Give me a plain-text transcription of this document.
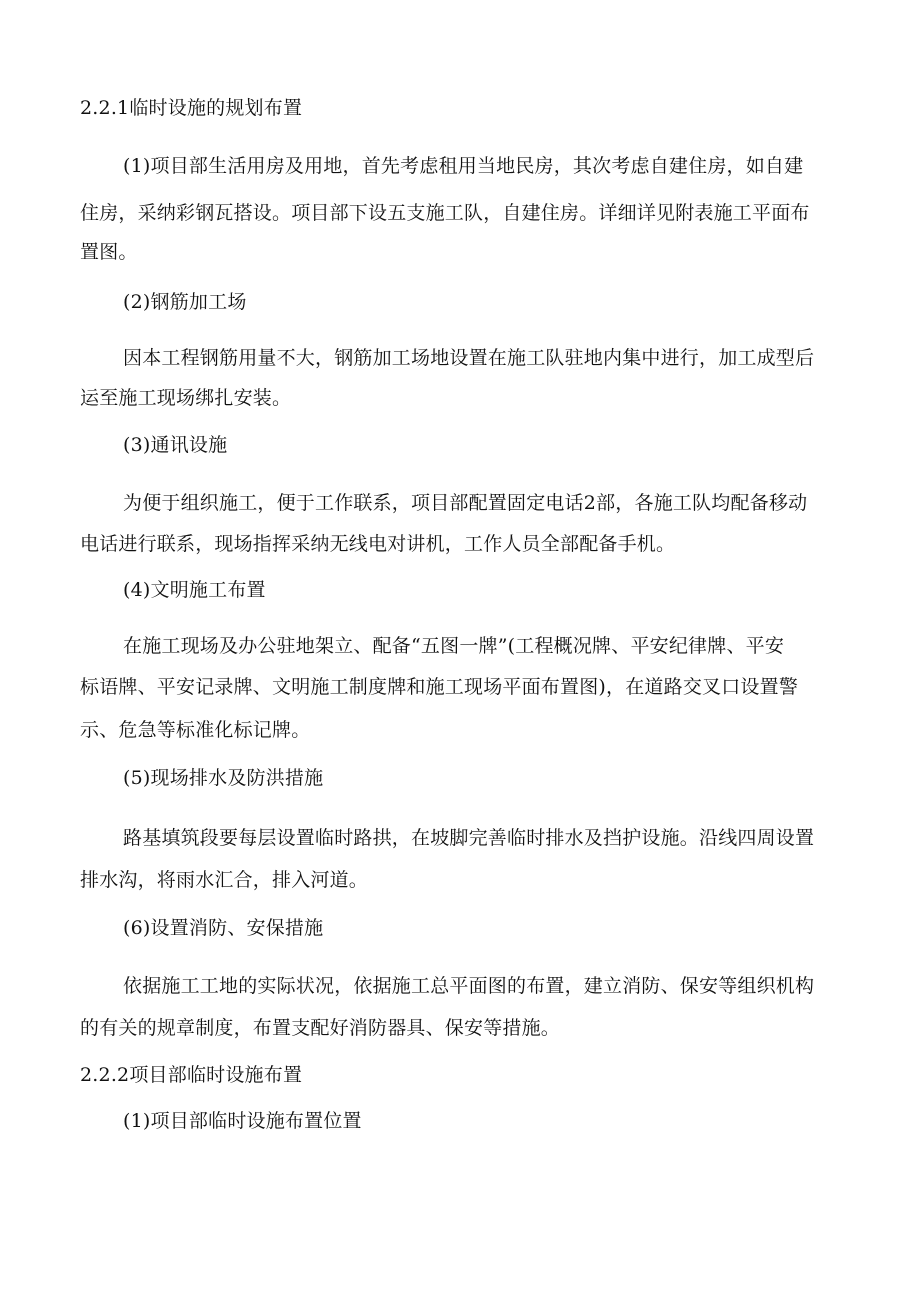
2.2.1临时设施的规划布置
(1)项目部生活用房及用地，首先考虑租用当地民房，其次考虑自建住房，如自建
住房，采纳彩钢瓦搭设。项目部下设五支施工队，自建住房。详细详见附表施工平面布
置图。
(2)钢筋加工场
因本工程钢筋用量不大，钢筋加工场地设置在施工队驻地内集中进行，加工成型后
运至施工现场绑扎安装。
(3)通讯设施
为便于组织施工，便于工作联系，项目部配置固定电话2部，各施工队均配备移动
电话进行联系，现场指挥采纳无线电对讲机，工作人员全部配备手机。
(4)文明施工布置
在施工现场及办公驻地架立、配备“五图一牌”(工程概况牌、平安纪律牌、平安
标语牌、平安记录牌、文明施工制度牌和施工现场平面布置图)，在道路交叉口设置警
示、危急等标准化标记牌。
(5)现场排水及防洪措施
路基填筑段要每层设置临时路拱，在坡脚完善临时排水及挡护设施。沿线四周设置
排水沟，将雨水汇合，排入河道。
(6)设置消防、安保措施
依据施工工地的实际状况，依据施工总平面图的布置，建立消防、保安等组织机构
的有关的规章制度，布置支配好消防器具、保安等措施。
2.2.2项目部临时设施布置
(1)项目部临时设施布置位置
